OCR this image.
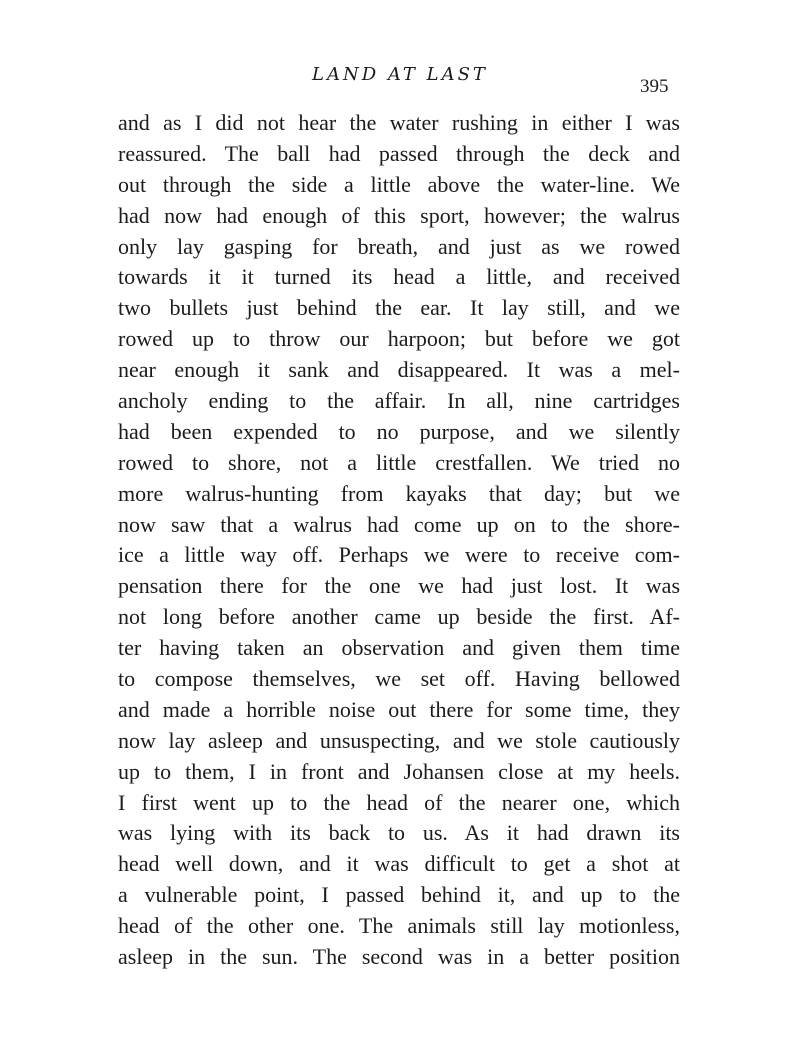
LAND AT LAST
395
and as I did not hear the water rushing in either I was
reassured. The ball had passed through the deck and
out through the side a little above the water-line. We
had now had enough of this sport, however; the walrus
only lay gasping for breath, and just as we rowed
towards it it turned its head a little, and received
two bullets just behind the ear. It lay still, and we
rowed up to throw our harpoon; but before we got
near enough it sank and disappeared. It was a mel-
ancholy ending to the affair. In all, nine cartridges
had been expended to no purpose, and we silently
rowed to shore, not a little crestfallen. We tried no
more walrus-hunting from kayaks that day; but we
now saw that a walrus had come up on to the shore-
ice a little way off. Perhaps we were to receive com-
pensation there for the one we had just lost. It was
not long before another came up beside the first. Af-
ter having taken an observation and given them time
to compose themselves, we set off. Having bellowed
and made a horrible noise out there for some time, they
now lay asleep and unsuspecting, and we stole cautiously
up to them, I in front and Johansen close at my heels.
I first went up to the head of the nearer one, which
was lying with its back to us. As it had drawn its
head well down, and it was difficult to get a shot at
a vulnerable point, I passed behind it, and up to the
head of the other one. The animals still lay motionless,
asleep in the sun. The second was in a better position
